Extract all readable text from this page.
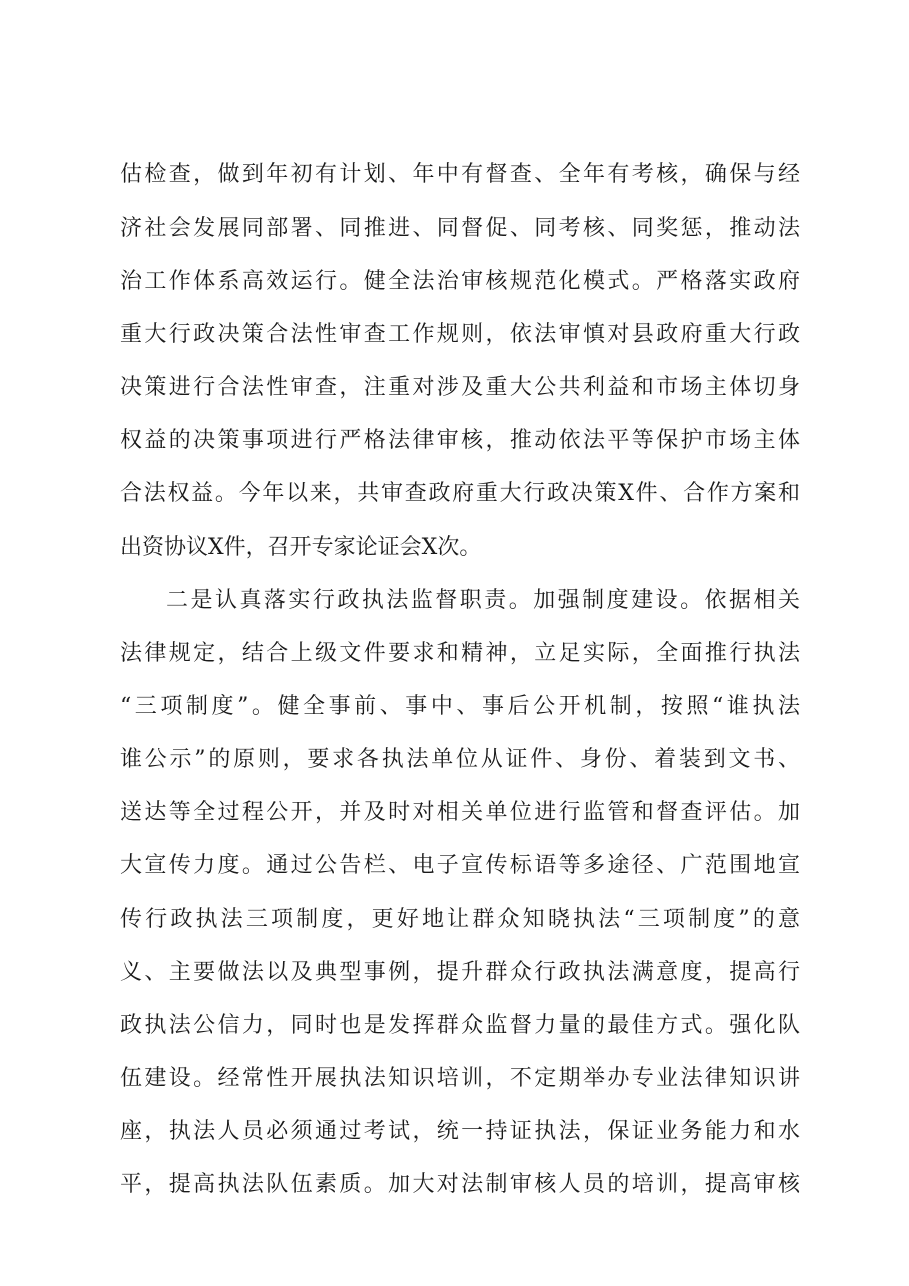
估检查，做到年初有计划、年中有督查、全年有考核，确保与经
济社会发展同部署、同推进、同督促、同考核、同奖惩，推动法
治工作体系高效运行。健全法治审核规范化模式。严格落实政府
重大行政决策合法性审查工作规则，依法审慎对县政府重大行政
决策进行合法性审查，注重对涉及重大公共利益和市场主体切身
权益的决策事项进行严格法律审核，推动依法平等保护市场主体
合法权益。今年以来，共审查政府重大行政决策X件、合作方案和
出资协议X件，召开专家论证会X次。
二是认真落实行政执法监督职责。加强制度建设。依据相关
法律规定，结合上级文件要求和精神，立足实际，全面推行执法
“三项制度”。健全事前、事中、事后公开机制，按照“谁执法
谁公示”的原则，要求各执法单位从证件、身份、着装到文书、
送达等全过程公开，并及时对相关单位进行监管和督查评估。加
大宣传力度。通过公告栏、电子宣传标语等多途径、广范围地宣
传行政执法三项制度，更好地让群众知晓执法“三项制度”的意
义、主要做法以及典型事例，提升群众行政执法满意度，提高行
政执法公信力，同时也是发挥群众监督力量的最佳方式。强化队
伍建设。经常性开展执法知识培训，不定期举办专业法律知识讲
座，执法人员必须通过考试，统一持证执法，保证业务能力和水
平，提高执法队伍素质。加大对法制审核人员的培训，提高审核
